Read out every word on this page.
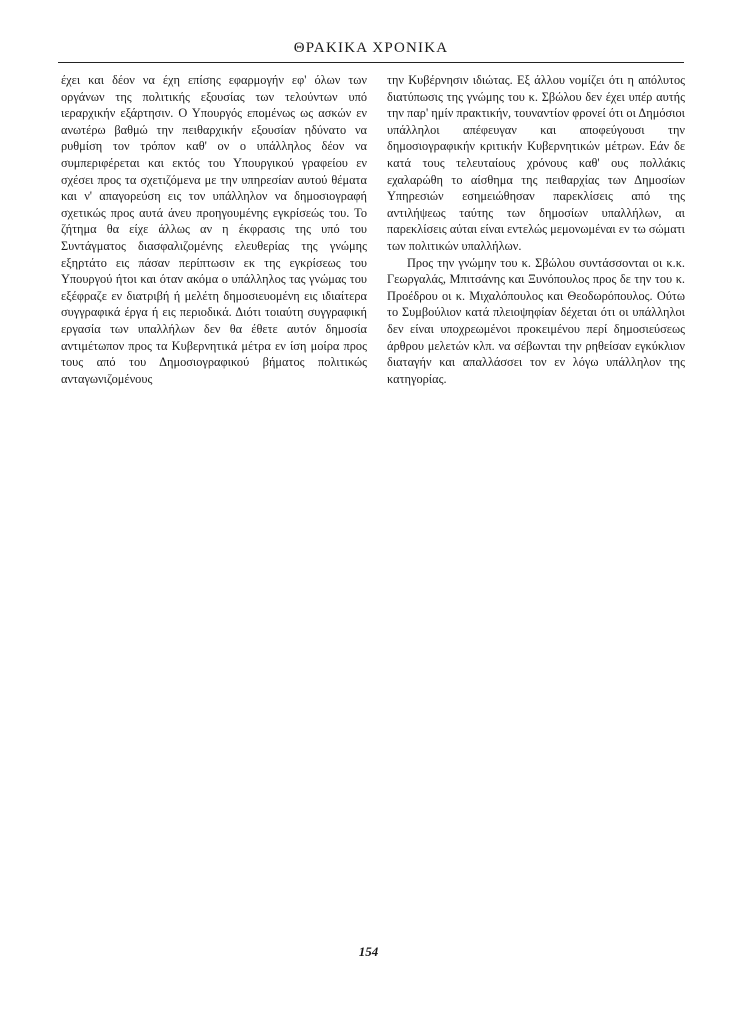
ΘΡΑΚΙΚΑ ΧΡΟΝΙΚΑ

έχει και δέον να έχη επίσης εφαρμογήν εφ' όλων των οργάνων της πολιτικής εξουσίας των τελούντων υπό ιεραρχικήν εξάρτησιν. Ο Υπουργός επομένως ως ασκών εν ανωτέρω βαθμώ την πειθαρχικήν εξουσίαν ηδύνατο να ρυθμίση τον τρόπον καθ' ον ο υπάλληλος δέον να συμπεριφέρεται και εκτός του Υπουργικού γραφείου εν σχέσει προς τα σχετιζόμενα με την υπηρεσίαν αυτού θέματα και ν' απαγορεύση εις τον υπάλληλον να δημοσιογραφή σχετικώς προς αυτά άνευ προηγουμένης εγκρίσεώς του. Το ζήτημα θα είχε άλλως αν η έκφρασις της υπό του Συντάγματος διασφαλιζομένης ελευθερίας της γνώμης εξηρτάτο εις πάσαν περίπτωσιν εκ της εγκρίσεως του Υπουργού ήτοι και όταν ακόμα ο υπάλληλος τας γνώμας του εξέφραζε εν διατριβή ή μελέτη δημοσιευομένη εις ιδιαίτερα συγγραφικά έργα ή εις περιοδικά. Διότι τοιαύτη συγγραφική εργασία των υπαλλήλων δεν θα έθετε αυτόν δημοσία αντιμέτωπον προς τα Κυβερνητικά μέτρα εν ίση μοίρα προς τους από του Δημοσιογραφικού βήματος πολιτικώς ανταγωνιζομένους

την Κυβέρνησιν ιδιώτας. Εξ άλλου νομίζει ότι η απόλυτος διατύπωσις της γνώμης του κ. Σβώλου δεν έχει υπέρ αυτής την παρ' ημίν πρακτικήν, τουναντίον φρονεί ότι οι Δημόσιοι υπάλληλοι απέφευγαν και αποφεύγουσι την δημοσιογραφικήν κριτικήν Κυβερνητικών μέτρων. Εάν δε κατά τους τελευταίους χρόνους καθ' ους πολλάκις εχαλαρώθη το αίσθημα της πειθαρχίας των Δημοσίων Υπηρεσιών εσημειώθησαν παρεκλίσεις από της αντιλήψεως ταύτης των δημοσίων υπαλλήλων, αι παρεκλίσεις αύται είναι εντελώς μεμονωμέναι εν τω σώματι των πολιτικών υπαλλήλων.

Προς την γνώμην του κ. Σβώλου συντάσσονται οι κ.κ. Γεωργαλάς, Μπιτσάνης και Ξυνόπουλος προς δε την του κ. Προέδρου οι κ. Μιχαλόπουλος και Θεοδωρόπουλος. Ούτω το Συμβούλιον κατά πλειοψηφίαν δέχεται ότι οι υπάλληλοι δεν είναι υποχρεωμένοι προκειμένου περί δημοσιεύσεως άρθρου μελετών κλπ. να σέβωνται την ρηθείσαν εγκύκλιον διαταγήν και απαλλάσσει τον εν λόγω υπάλληλον της κατηγορίας.

154
